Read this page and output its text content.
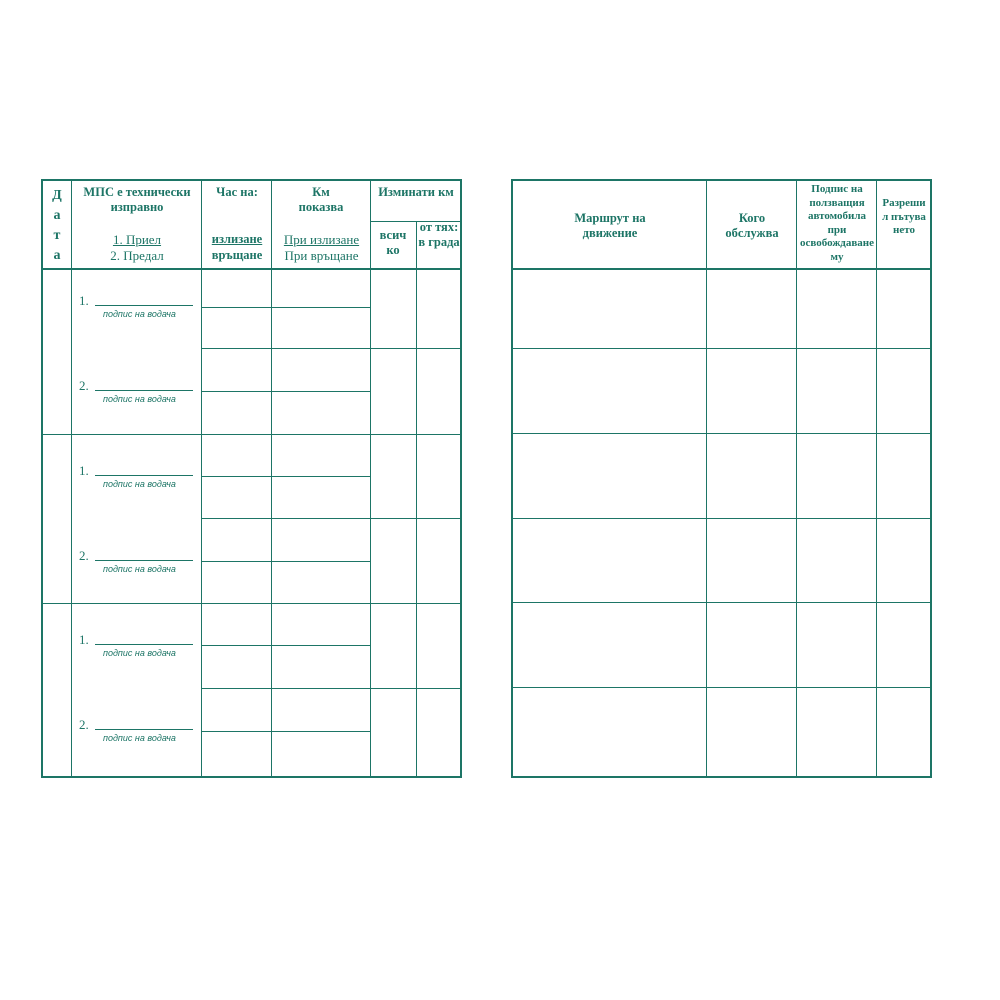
Д
а
т
а
МПС е технически изправно
1. Приел
2. Предал
Час на:
излизане
връщане
Км показва
При излизане
При връщане
Изминати км
всич ко
от тях: в града
1.
подпис на водача
2.
подпис на водача
1.
подпис на водача
2.
подпис на водача
1.
подпис на водача
2.
подпис на водача
Маршрут на движение
Кого обслужва
Подпис на ползващия автомобила при освобождаване му
Разрешил пътуването
